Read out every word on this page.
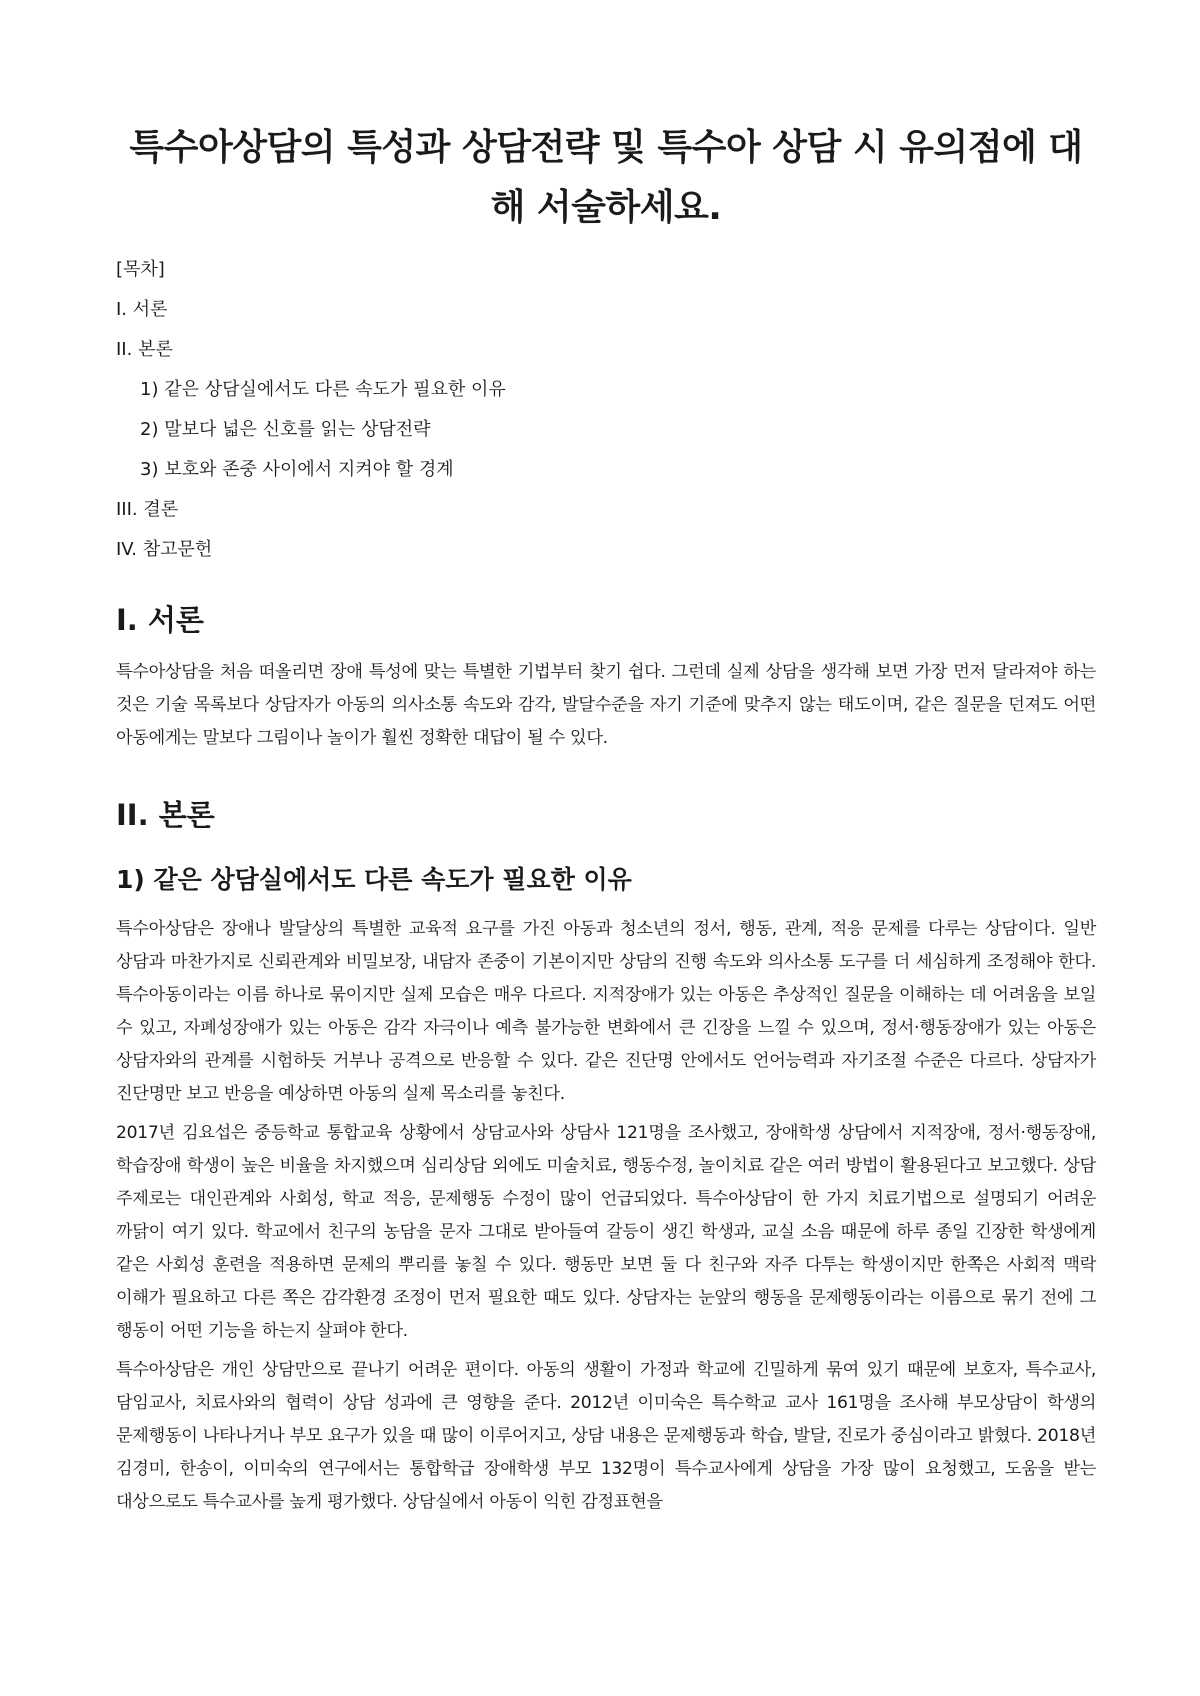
특수아상담의 특성과 상담전략 및 특수아 상담 시 유의점에 대해 서술하세요.
[목차]
I. 서론
II. 본론
1) 같은 상담실에서도 다른 속도가 필요한 이유
2) 말보다 넓은 신호를 읽는 상담전략
3) 보호와 존중 사이에서 지켜야 할 경계
III. 결론
IV. 참고문헌
I. 서론

특수아상담을 처음 떠올리면 장애 특성에 맞는 특별한 기법부터 찾기 쉽다. 그런데 실제 상담을 생각해 보면 가장 먼저 달라져야 하는 것은 기술 목록보다 상담자가 아동의 의사소통 속도와 감각, 발달수준을 자기 기준에 맞추지 않는 태도이며, 같은 질문을 던져도 어떤 아동에게는 말보다 그림이나 놀이가 훨씬 정확한 대답이 될 수 있다.

II. 본론
1) 같은 상담실에서도 다른 속도가 필요한 이유

특수아상담은 장애나 발달상의 특별한 교육적 요구를 가진 아동과 청소년의 정서, 행동, 관계, 적응 문제를 다루는 상담이다. 일반 상담과 마찬가지로 신뢰관계와 비밀보장, 내담자 존중이 기본이지만 상담의 진행 속도와 의사소통 도구를 더 세심하게 조정해야 한다. 특수아동이라는 이름 하나로 묶이지만 실제 모습은 매우 다르다. 지적장애가 있는 아동은 추상적인 질문을 이해하는 데 어려움을 보일 수 있고, 자폐성장애가 있는 아동은 감각 자극이나 예측 불가능한 변화에서 큰 긴장을 느낄 수 있으며, 정서·행동장애가 있는 아동은 상담자와의 관계를 시험하듯 거부나 공격으로 반응할 수 있다. 같은 진단명 안에서도 언어능력과 자기조절 수준은 다르다. 상담자가 진단명만 보고 반응을 예상하면 아동의 실제 목소리를 놓친다.

2017년 김요섭은 중등학교 통합교육 상황에서 상담교사와 상담사 121명을 조사했고, 장애학생 상담에서 지적장애, 정서·행동장애, 학습장애 학생이 높은 비율을 차지했으며 심리상담 외에도 미술치료, 행동수정, 놀이치료 같은 여러 방법이 활용된다고 보고했다. 상담 주제로는 대인관계와 사회성, 학교 적응, 문제행동 수정이 많이 언급되었다. 특수아상담이 한 가지 치료기법으로 설명되기 어려운 까닭이 여기 있다. 학교에서 친구의 농담을 문자 그대로 받아들여 갈등이 생긴 학생과, 교실 소음 때문에 하루 종일 긴장한 학생에게 같은 사회성 훈련을 적용하면 문제의 뿌리를 놓칠 수 있다. 행동만 보면 둘 다 친구와 자주 다투는 학생이지만 한쪽은 사회적 맥락 이해가 필요하고 다른 쪽은 감각환경 조정이 먼저 필요한 때도 있다. 상담자는 눈앞의 행동을 문제행동이라는 이름으로 묶기 전에 그 행동이 어떤 기능을 하는지 살펴야 한다.

특수아상담은 개인 상담만으로 끝나기 어려운 편이다. 아동의 생활이 가정과 학교에 긴밀하게 묶여 있기 때문에 보호자, 특수교사, 담임교사, 치료사와의 협력이 상담 성과에 큰 영향을 준다. 2012년 이미숙은 특수학교 교사 161명을 조사해 부모상담이 학생의 문제행동이 나타나거나 부모 요구가 있을 때 많이 이루어지고, 상담 내용은 문제행동과 학습, 발달, 진로가 중심이라고 밝혔다. 2018년 김경미, 한송이, 이미숙의 연구에서는 통합학급 장애학생 부모 132명이 특수교사에게 상담을 가장 많이 요청했고, 도움을 받는 대상으로도 특수교사를 높게 평가했다. 상담실에서 아동이 익힌 감정표현을
